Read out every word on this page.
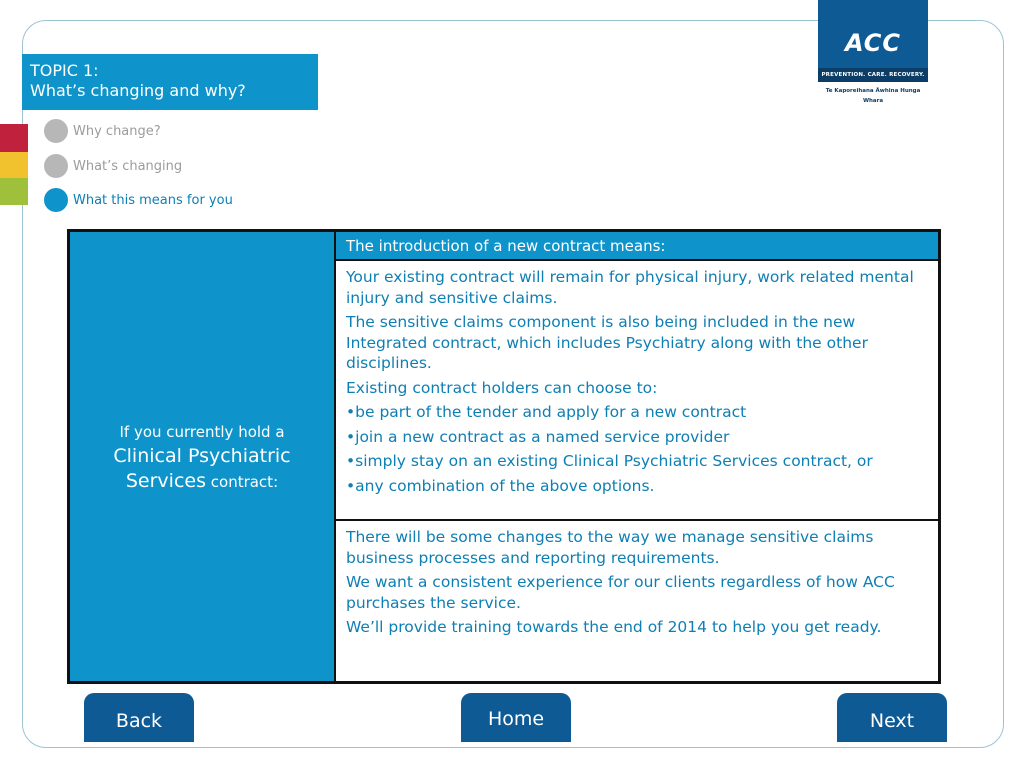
ACC
PREVENTION. CARE. RECOVERY.
Te Kaporeihana Āwhina Hunga Whara
TOPIC 1:
What’s changing and why?
Why change?
What’s changing
What this means for you
If you currently hold a
Clinical Psychiatric Services contract:
The introduction of a new contract means:

Your existing contract will remain for physical injury, work related mental injury and sensitive claims.

The sensitive claims component is also being included in the new Integrated contract, which includes Psychiatry along with the other disciplines.

Existing contract holders can choose to:

•be part of the tender and apply for a new contract

•join a new contract as a named service provider

•simply stay on an existing Clinical Psychiatric Services contract, or

•any combination of the above options.

There will be some changes to the way we manage sensitive claims business processes and reporting requirements.

We want a consistent experience for our clients regardless of how ACC purchases the service.

We’ll provide training towards the end of 2014 to help you get ready.

Back	Home	Next
